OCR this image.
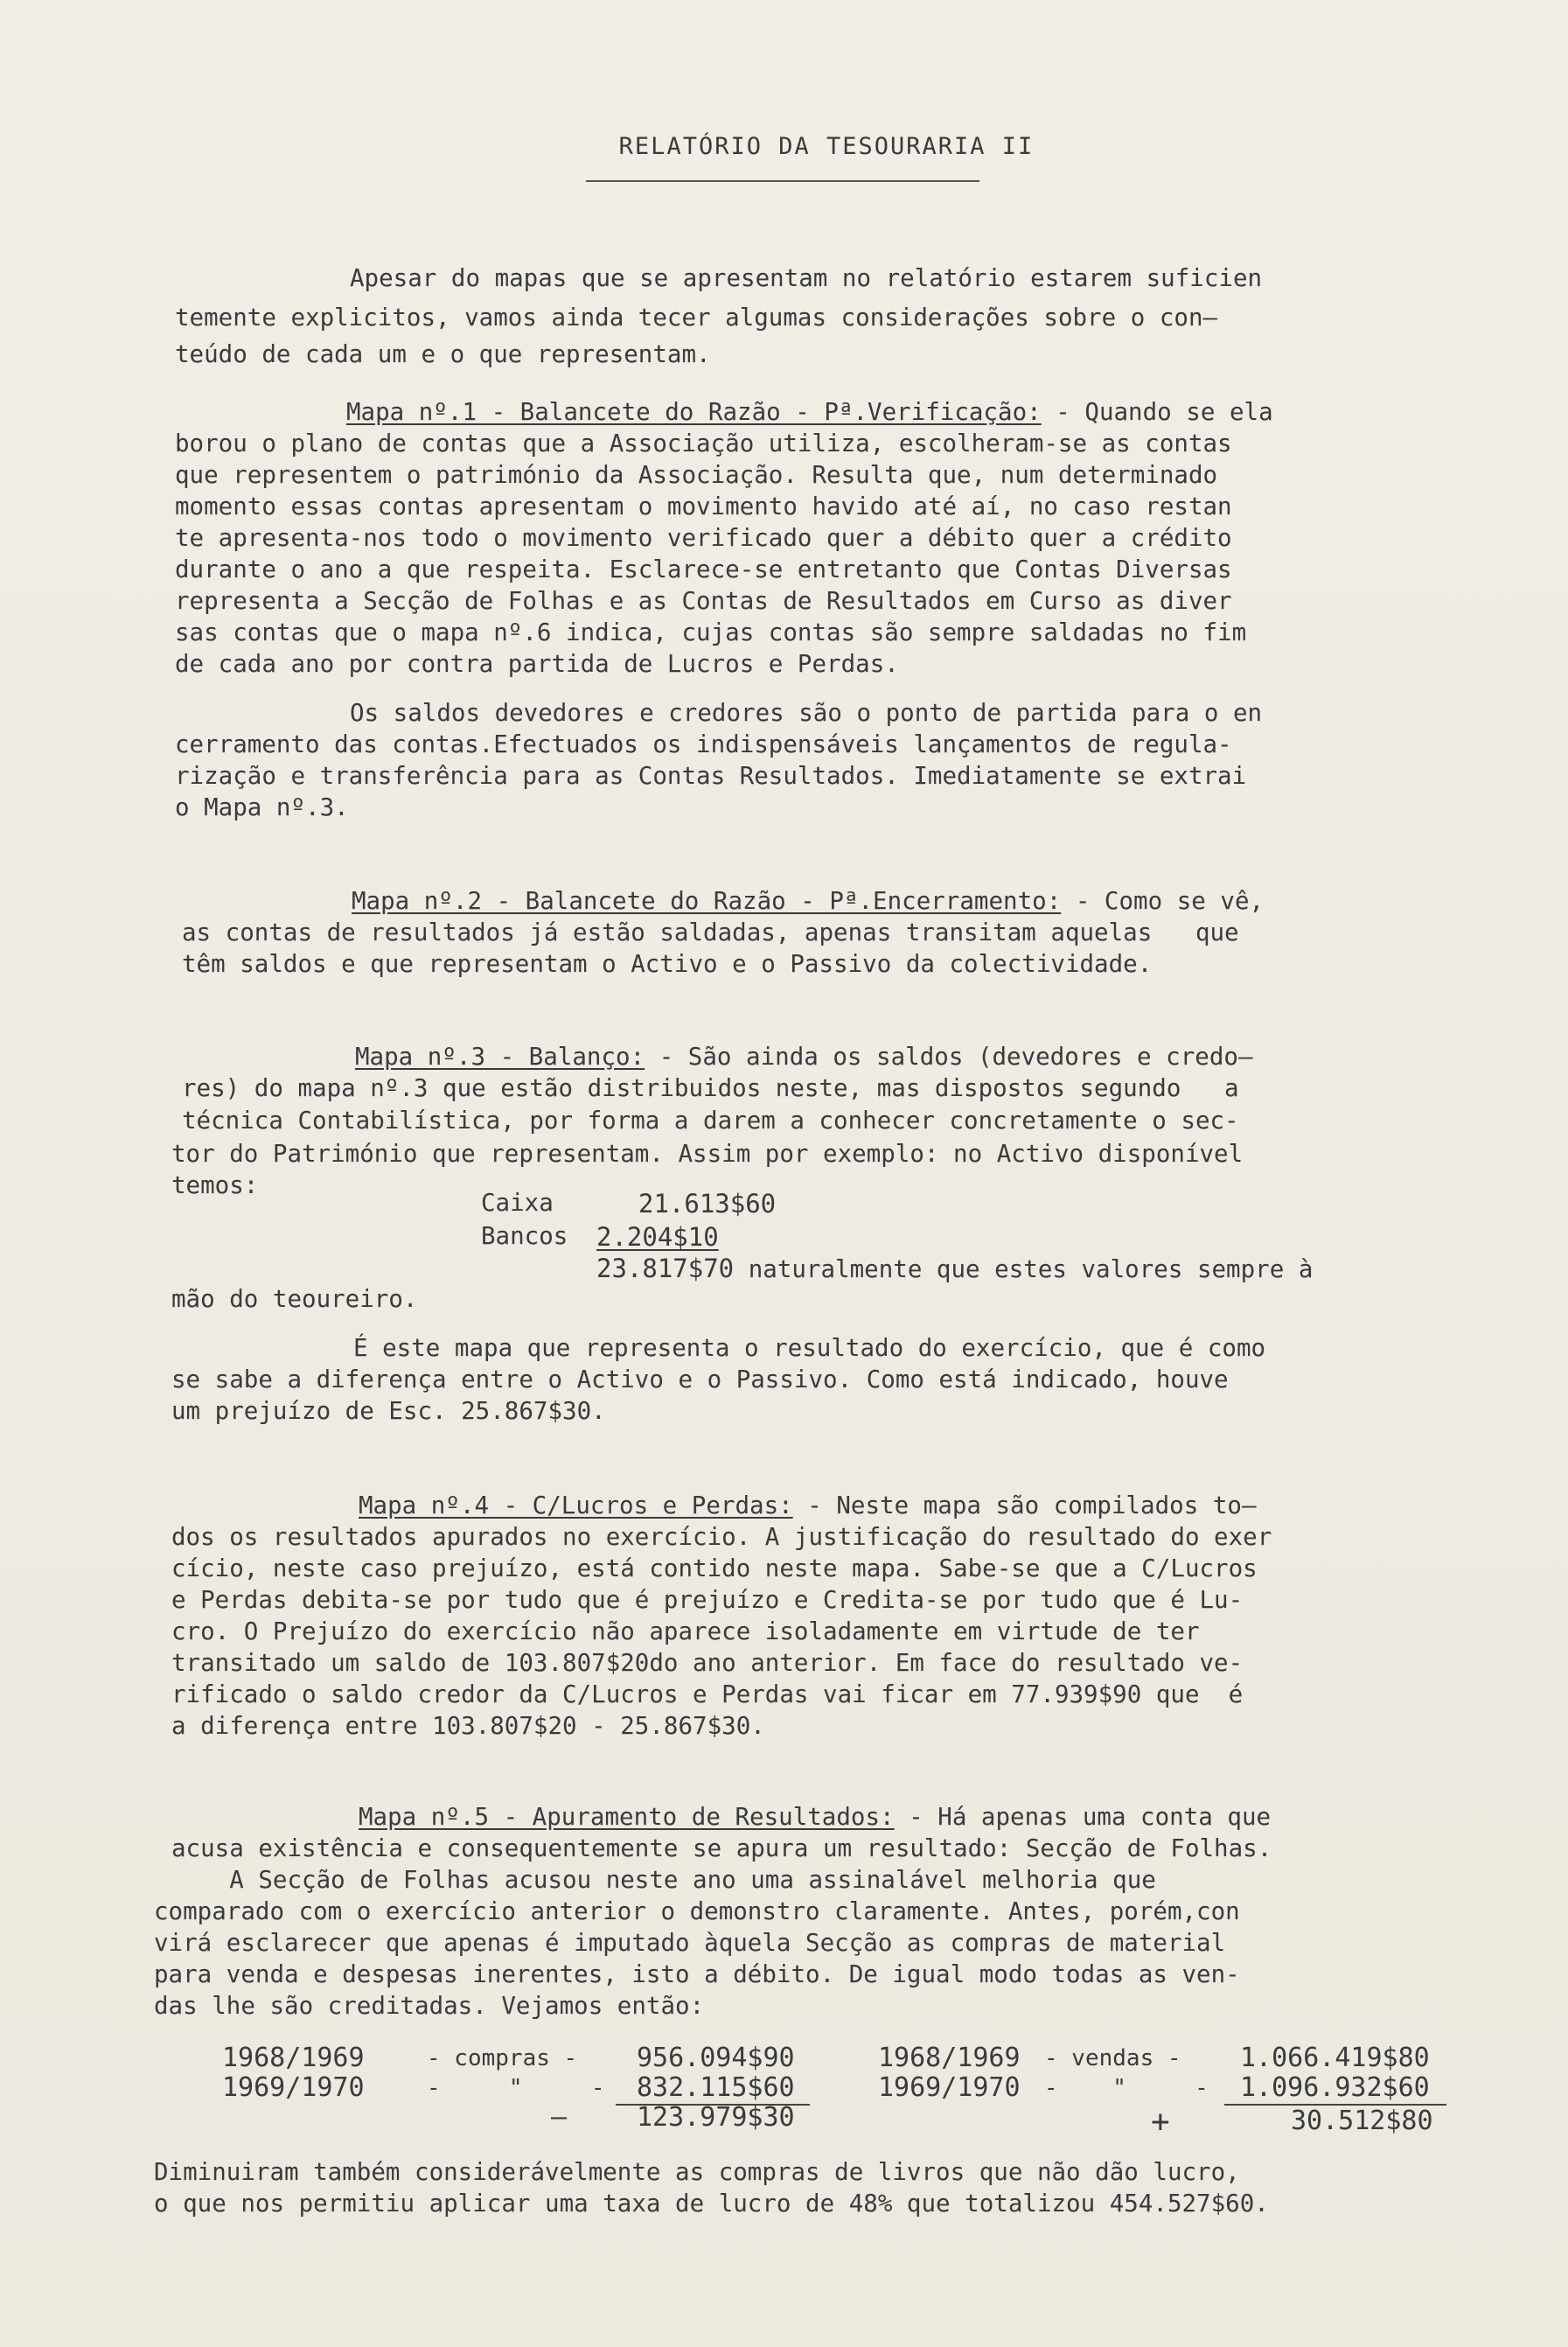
RELATÓRIO DA TESOURARIA II
Apesar do mapas que se apresentam no relatório estarem suficien
temente explicitos, vamos ainda tecer algumas considerações sobre o con—
teúdo de cada um e o que representam.
Mapa nº.1 - Balancete do Razão - Pª.Verificação: - Quando se ela
borou o plano de contas que a Associação utiliza, escolheram-se as contas
que representem o património da Associação. Resulta que, num determinado
momento essas contas apresentam o movimento havido até aí, no caso restan
te apresenta-nos todo o movimento verificado quer a débito quer a crédito
durante o ano a que respeita. Esclarece-se entretanto que Contas Diversas
representa a Secção de Folhas e as Contas de Resultados em Curso as diver
sas contas que o mapa nº.6 indica, cujas contas são sempre saldadas no fim
de cada ano por contra partida de Lucros e Perdas.
Os saldos devedores e credores são o ponto de partida para o en
cerramento das contas.Efectuados os indispensáveis lançamentos de regula-
rização e transferência para as Contas Resultados. Imediatamente se extrai
o Mapa nº.3.
Mapa nº.2 - Balancete do Razão - Pª.Encerramento: - Como se vê,
as contas de resultados já estão saldadas, apenas transitam aquelas   que
têm saldos e que representam o Activo e o Passivo da colectividade.
Mapa nº.3 - Balanço: - São ainda os saldos (devedores e credo—
res) do mapa nº.3 que estão distribuidos neste, mas dispostos segundo   a
técnica Contabilística, por forma a darem a conhecer concretamente o sec-
tor do Património que representam. Assim por exemplo: no Activo disponível
temos:
Caixa	21.613$60
Bancos 2.204$10
23.817$70 naturalmente que estes valores sempre à
mão do teoureiro.
É este mapa que representa o resultado do exercício, que é como
se sabe a diferença entre o Activo e o Passivo. Como está indicado, houve
um prejuízo de Esc. 25.867$30.
Mapa nº.4 - C/Lucros e Perdas: - Neste mapa são compilados to—
dos os resultados apurados no exercício. A justificação do resultado do exer
cício, neste caso prejuízo, está contido neste mapa. Sabe-se que a C/Lucros
e Perdas debita-se por tudo que é prejuízo e Credita-se por tudo que é Lu-
cro. O Prejuízo do exercício não aparece isoladamente em virtude de ter
transitado um saldo de 103.807$20do ano anterior. Em face do resultado ve-
rificado o saldo credor da C/Lucros e Perdas vai ficar em 77.939$90 que  é
a diferença entre 103.807$20 - 25.867$30.
Mapa nº.5 - Apuramento de Resultados: - Há apenas uma conta que
acusa existência e consequentemente se apura um resultado: Secção de Folhas.
A Secção de Folhas acusou neste ano uma assinalável melhoria que
comparado com o exercício anterior o demonstro claramente. Antes, porém,con
virá esclarecer que apenas é imputado àquela Secção as compras de material
para venda e despesas inerentes, isto a débito. De igual modo todas as ven-
das lhe são creditadas. Vejamos então:
1968/1969	- compras - 956.094$90
1969/1970	-     "     - 832.115$60
—	123.979$30
1968/1969 - vendas - 1.066.419$80
1969/1970 -    "     - 1.096.932$60
+	30.512$80
Diminuiram também considerávelmente as compras de livros que não dão lucro,
o que nos permitiu aplicar uma taxa de lucro de 48% que totalizou 454.527$60.
